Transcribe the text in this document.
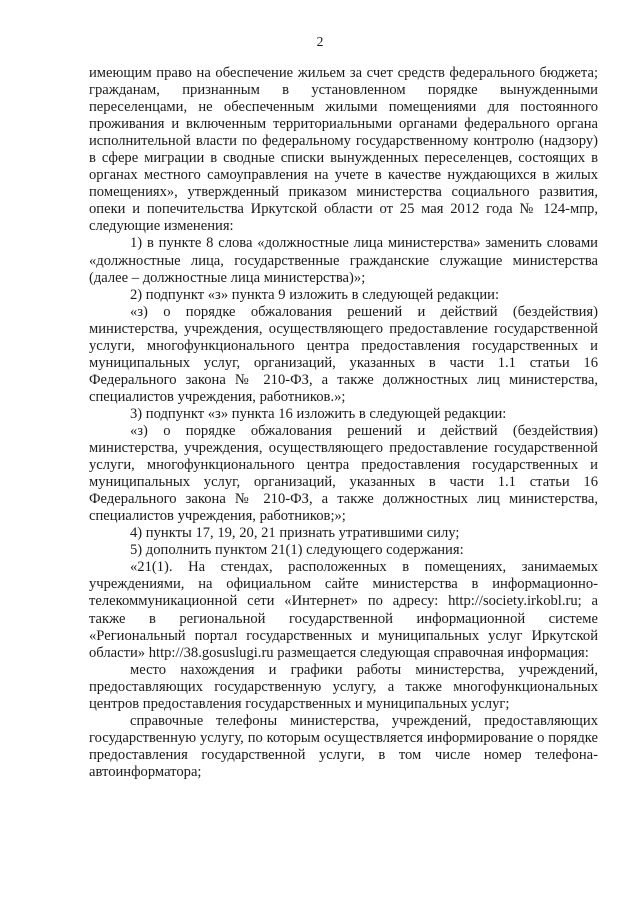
2

имеющим право на обеспечение жильем за счет средств федерального бюджета; гражданам, признанным в установленном порядке вынужденными переселенцами, не обеспеченным жилыми помещениями для постоянного проживания и включенным территориальными органами федерального органа исполнительной власти по федеральному государственному контролю (надзору) в сфере миграции в сводные списки вынужденных переселенцев, состоящих в органах местного самоуправления на учете в качестве нуждающихся в жилых помещениях», утвержденный приказом министерства социального развития, опеки и попечительства Иркутской области от 25 мая 2012 года № 124-мпр, следующие изменения:

1) в пункте 8 слова «должностные лица министерства» заменить словами «должностные лица, государственные гражданские служащие министерства (далее – должностные лица министерства)»;

2) подпункт «з» пункта 9 изложить в следующей редакции:

«з) о порядке обжалования решений и действий (бездействия) министерства, учреждения, осуществляющего предоставление государственной услуги, многофункционального центра предоставления государственных и муниципальных услуг, организаций, указанных в части 1.1 статьи 16 Федерального закона № 210-ФЗ, а также должностных лиц министерства, специалистов учреждения, работников.»;

3) подпункт «з» пункта 16 изложить в следующей редакции:

«з) о порядке обжалования решений и действий (бездействия) министерства, учреждения, осуществляющего предоставление государственной услуги, многофункционального центра предоставления государственных и муниципальных услуг, организаций, указанных в части 1.1 статьи 16 Федерального закона № 210-ФЗ, а также должностных лиц министерства, специалистов учреждения, работников;»;

4) пункты 17, 19, 20, 21 признать утратившими силу;

5) дополнить пунктом 21(1) следующего содержания:

«21(1). На стендах, расположенных в помещениях, занимаемых учреждениями, на официальном сайте министерства в информационно-телекоммуникационной сети «Интернет» по адресу: http://society.irkobl.ru; а также в региональной государственной информационной системе «Региональный портал государственных и муниципальных услуг Иркутской области» http://38.gosuslugi.ru размещается следующая справочная информация:

место нахождения и графики работы министерства, учреждений, предоставляющих государственную услугу, а также многофункциональных центров предоставления государственных и муниципальных услуг;

справочные телефоны министерства, учреждений, предоставляющих государственную услугу, по которым осуществляется информирование о порядке предоставления государственной услуги, в том числе номер телефона-автоинформатора;
